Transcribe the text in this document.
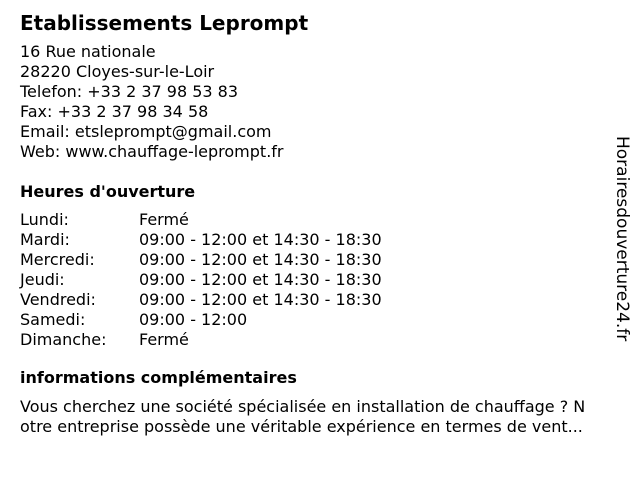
Etablissements Leprompt
16 Rue nationale
28220 Cloyes-sur-le-Loir
Telefon: +33 2 37 98 53 83
Fax: +33 2 37 98 34 58
Email: etsleprompt@gmail.com
Web: www.chauffage-leprompt.fr
Heures d'ouverture
Lundi:	Fermé
Mardi:	09:00 - 12:00 et 14:30 - 18:30
Mercredi:	09:00 - 12:00 et 14:30 - 18:30
Jeudi:	09:00 - 12:00 et 14:30 - 18:30
Vendredi:	09:00 - 12:00 et 14:30 - 18:30
Samedi:	09:00 - 12:00
Dimanche:	Fermé
informations complémentaires
Vous cherchez une société spécialisée en installation de chauffage ? N
otre entreprise possède une véritable expérience en termes de vent...
Horairesdouverture24.fr
